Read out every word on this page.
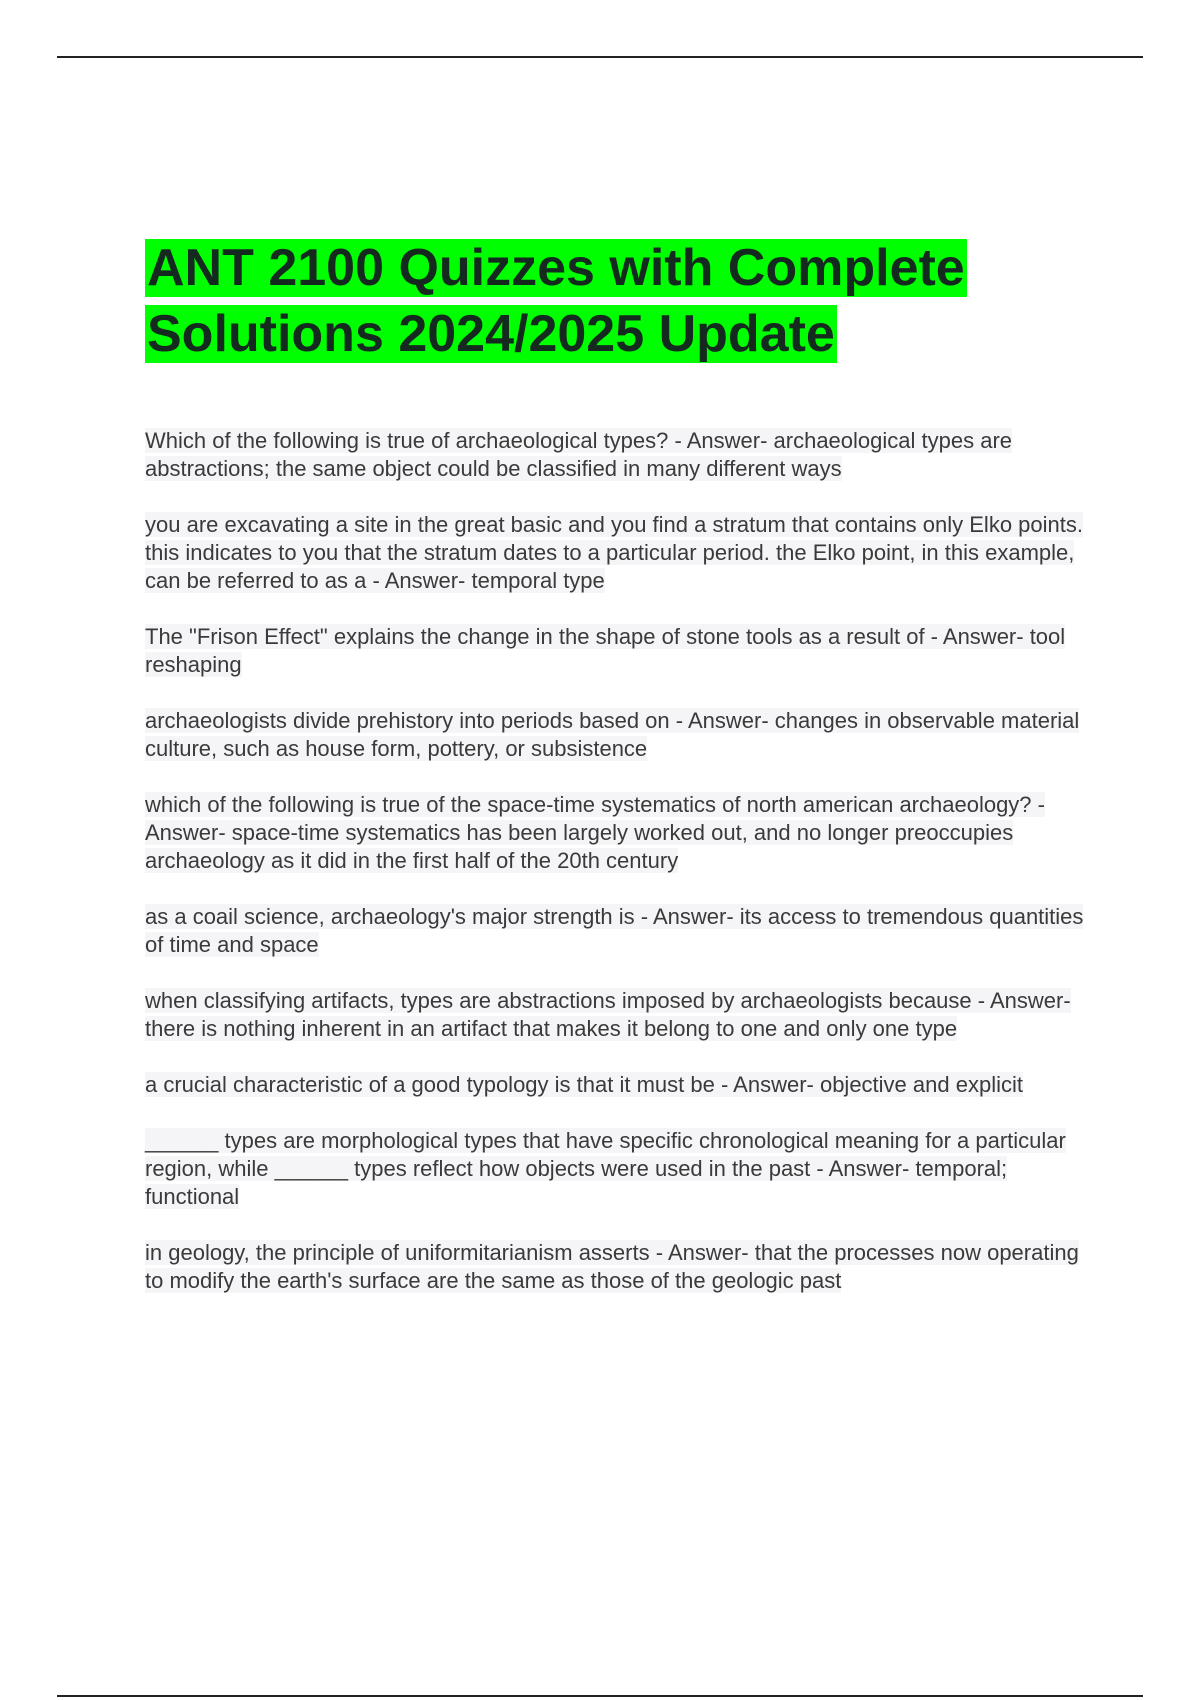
ANT 2100 Quizzes with Complete
Solutions 2024/2025 Update

Which of the following is true of archaeological types? - Answer- archaeological types are abstractions; the same object could be classified in many different ways

you are excavating a site in the great basic and you find a stratum that contains only Elko points. this indicates to you that the stratum dates to a particular period. the Elko point, in this example, can be referred to as a - Answer- temporal type

The "Frison Effect" explains the change in the shape of stone tools as a result of - Answer- tool reshaping

archaeologists divide prehistory into periods based on - Answer- changes in observable material culture, such as house form, pottery, or subsistence

which of the following is true of the space-time systematics of north american archaeology? - Answer- space-time systematics has been largely worked out, and no longer preoccupies archaeology as it did in the first half of the 20th century

as a coail science, archaeology's major strength is - Answer- its access to tremendous quantities of time and space

when classifying artifacts, types are abstractions imposed by archaeologists because - Answer- there is nothing inherent in an artifact that makes it belong to one and only one type

a crucial characteristic of a good typology is that it must be - Answer- objective and explicit

______ types are morphological types that have specific chronological meaning for a particular region, while ______ types reflect how objects were used in the past - Answer- temporal; functional

in geology, the principle of uniformitarianism asserts - Answer- that the processes now operating to modify the earth's surface are the same as those of the geologic past
